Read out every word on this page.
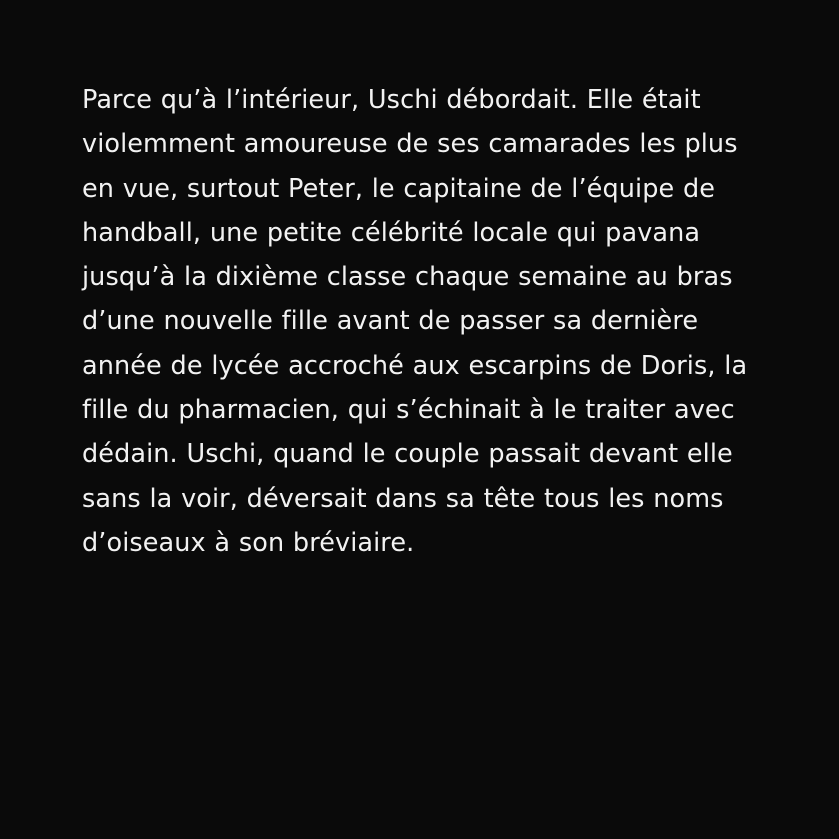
Parce qu’à l’intérieur, Uschi débordait. Elle était violemment amoureuse de ses camarades les plus en vue, surtout Peter, le capitaine de l’équipe de handball, une petite célébrité locale qui pavana jusqu’à la dixième classe chaque semaine au bras d’une nouvelle fille avant de passer sa dernière année de lycée accroché aux escarpins de Doris, la fille du pharmacien, qui s’échinait à le traiter avec dédain. Uschi, quand le couple passait devant elle sans la voir, déversait dans sa tête tous les noms d’oiseaux à son bréviaire.
